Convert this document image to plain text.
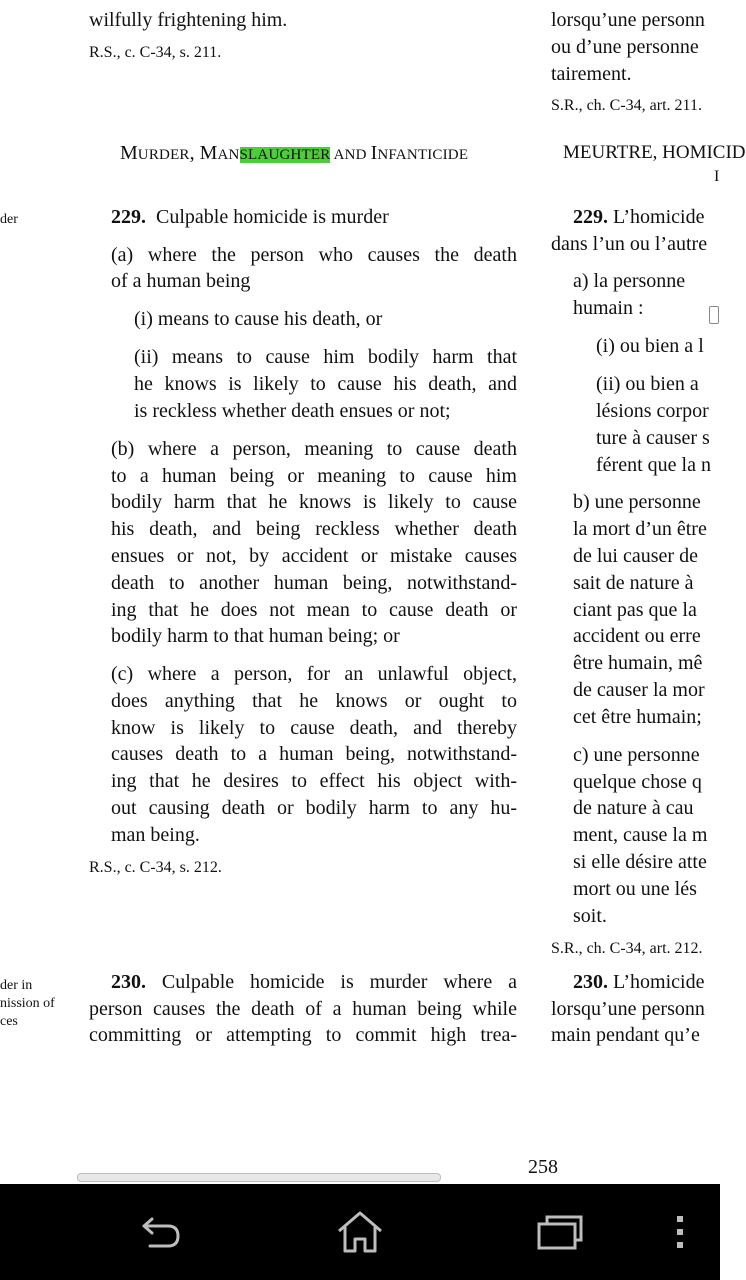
wilfully frightening him.
R.S., c. C-34, s. 211.
MURDER, MANSLAUGHTER AND INFANTICIDE
der	229. Culpable homicide is murder
(a) where the person who causes the death
of a human being
(i) means to cause his death, or
(ii) means to cause him bodily harm that
he knows is likely to cause his death, and
is reckless whether death ensues or not;
(b) where a person, meaning to cause death
to a human being or meaning to cause him
bodily harm that he knows is likely to cause
his death, and being reckless whether death
ensues or not, by accident or mistake causes
death to another human being, notwithstand-
ing that he does not mean to cause death or
bodily harm to that human being; or
(c) where a person, for an unlawful object,
does anything that he knows or ought to
know is likely to cause death, and thereby
causes death to a human being, notwithstand-
ing that he desires to effect his object with-
out causing death or bodily harm to any hu-
man being.
R.S., c. C-34, s. 212.
der in
nission of
ces
230. Culpable homicide is murder where a
person causes the death of a human being while
committing or attempting to commit high trea-
lorsqu’une personn
ou d’une personne
tairement.
S.R., ch. C-34, art. 211.
MEURTRE, HOMICID
I
229. L’homicide
dans l’un ou l’autre
a) la personne
humain :
(i) ou bien a l
(ii) ou bien a
lésions corpor
ture à causer s
férent que la n
b) une personne
la mort d’un être
de lui causer de
sait de nature à
ciant pas que la
accident ou erre
être humain, mê
de causer la mor
cet être humain;
c) une personne
quelque chose q
de nature à cau
ment, cause la m
si elle désire atte
mort ou une lés
soit.
S.R., ch. C-34, art. 212.
230. L’homicide
lorsqu’une personn
main pendant qu’e
258
